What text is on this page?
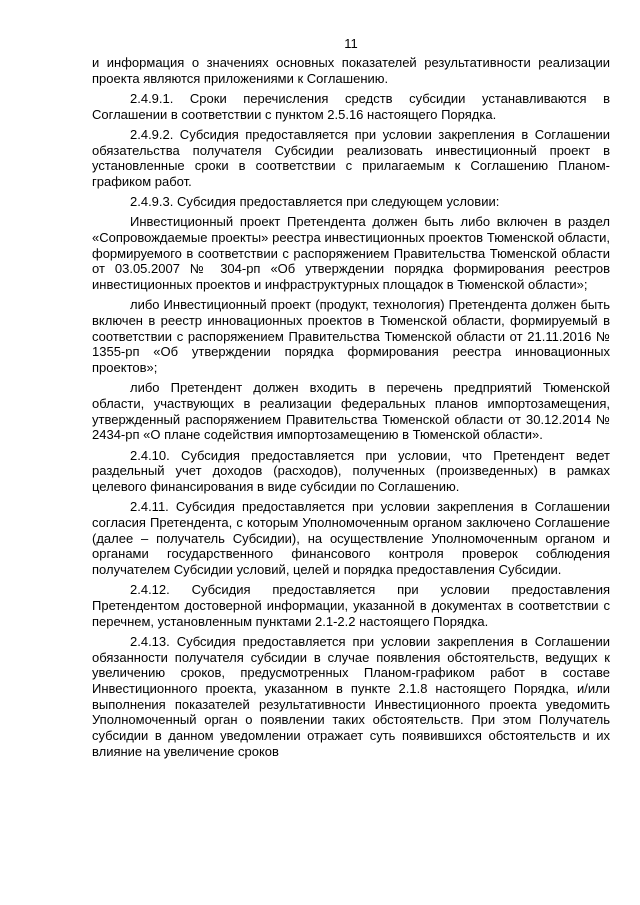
11

и информация о значениях основных показателей результативности реализации проекта являются приложениями к Соглашению.

2.4.9.1. Сроки перечисления средств субсидии устанавливаются в Соглашении в соответствии с пунктом 2.5.16 настоящего Порядка.

2.4.9.2. Субсидия предоставляется при условии закрепления в Соглашении обязательства получателя Субсидии реализовать инвестиционный проект в установленные сроки в соответствии с прилагаемым к Соглашению Планом-графиком работ.

2.4.9.3. Субсидия предоставляется при следующем условии:

Инвестиционный проект Претендента должен быть либо включен в раздел «Сопровождаемые проекты» реестра инвестиционных проектов Тюменской области, формируемого в соответствии с распоряжением Правительства Тюменской области от 03.05.2007 № 304-рп «Об утверждении порядка формирования реестров инвестиционных проектов и инфраструктурных площадок в Тюменской области»;

либо Инвестиционный проект (продукт, технология) Претендента должен быть включен в реестр инновационных проектов в Тюменской области, формируемый в соответствии с распоряжением Правительства Тюменской области от 21.11.2016 № 1355-рп «Об утверждении порядка формирования реестра инновационных проектов»;

либо Претендент должен входить в перечень предприятий Тюменской области, участвующих в реализации федеральных планов импортозамещения, утвержденный распоряжением Правительства Тюменской области от 30.12.2014 № 2434-рп «О плане содействия импортозамещению в Тюменской области».

2.4.10. Субсидия предоставляется при условии, что Претендент ведет раздельный учет доходов (расходов), полученных (произведенных) в рамках целевого финансирования в виде субсидии по Соглашению.

2.4.11. Субсидия предоставляется при условии закрепления в Соглашении согласия Претендента, с которым Уполномоченным органом заключено Соглашение (далее – получатель Субсидии), на осуществление Уполномоченным органом и органами государственного финансового контроля проверок соблюдения получателем Субсидии условий, целей и порядка предоставления Субсидии.

2.4.12. Субсидия предоставляется при условии предоставления Претендентом достоверной информации, указанной в документах в соответствии с перечнем, установленным пунктами 2.1-2.2 настоящего Порядка.

2.4.13. Субсидия предоставляется при условии закрепления в Соглашении обязанности получателя субсидии в случае появления обстоятельств, ведущих к увеличению сроков, предусмотренных Планом-графиком работ в составе Инвестиционного проекта, указанном в пункте 2.1.8 настоящего Порядка, и/или выполнения показателей результативности Инвестиционного проекта уведомить Уполномоченный орган о появлении таких обстоятельств. При этом Получатель субсидии в данном уведомлении отражает суть появившихся обстоятельств и их влияние на увеличение сроков
